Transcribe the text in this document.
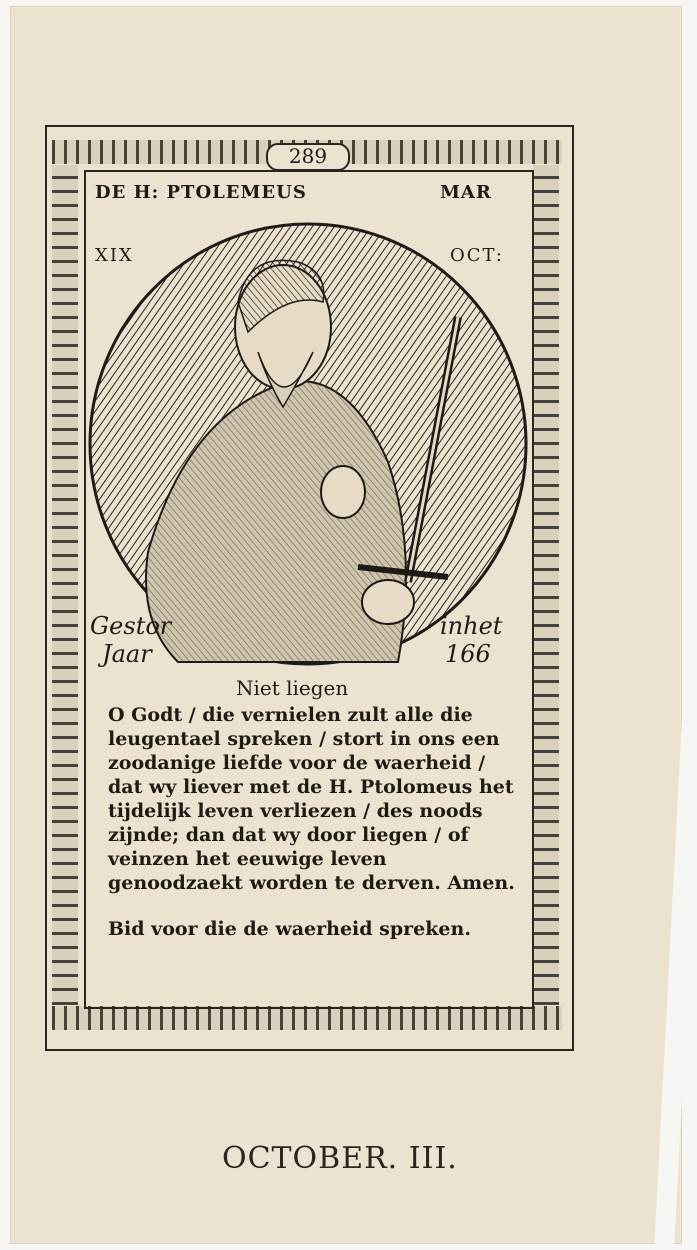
289
DE H: PTOLEMEUS	MAR
XIX	OCT:
Gestor
Jaar
inhet
166
Niet liegen
O Godt / die vernielen zult alle die leugentael spreken / stort in ons een zoodanige liefde voor de waerheid / dat wy liever met de H. Ptolomeus het tijdelijk leven verliezen / des noods zijnde; dan dat wy door liegen / of veinzen het eeuwige leven genoodzaekt worden te derven. Amen.
Bid voor die de waerheid spreken.
OCTOBER. III.
